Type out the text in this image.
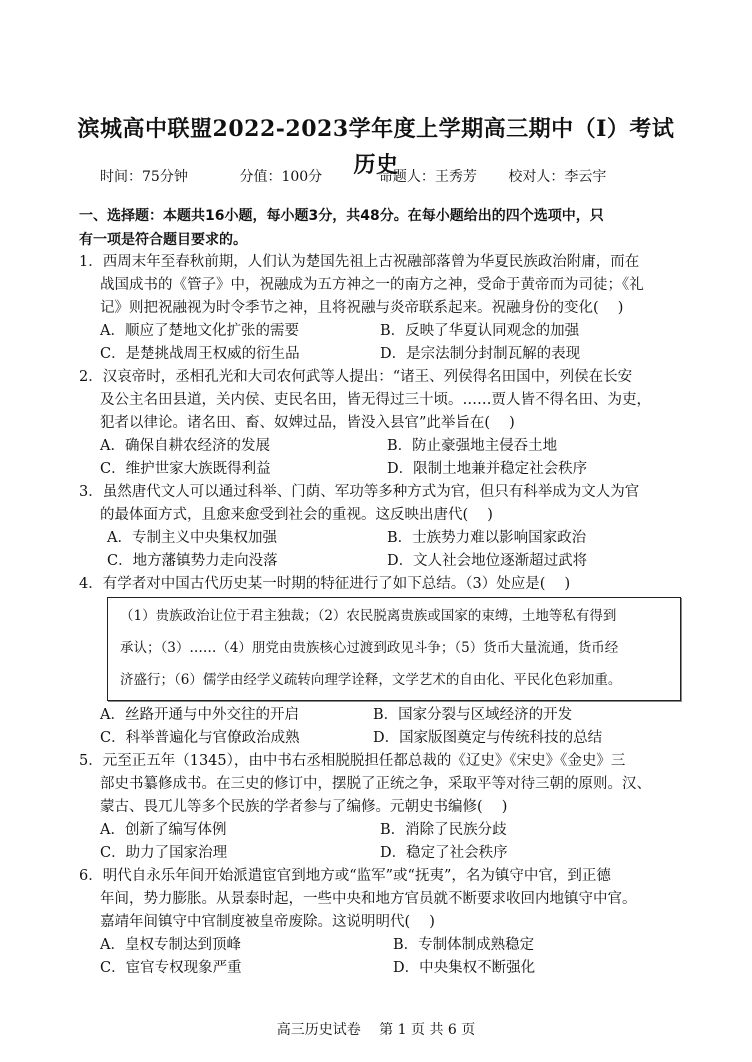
滨城高中联盟2022-2023学年度上学期高三期中（I）考试
历史
时间：75分钟	分值：100分	命题人：王秀芳 校对人：李云宇
一、选择题：本题共16小题，每小题3分，共48分。在每小题给出的四个选项中，只
有一项是符合题目要求的。
1．西周末年至春秋前期，人们认为楚国先祖上古祝融部落曾为华夏民族政治附庸，而在
战国成书的《管子》中，祝融成为五方神之一的南方之神，受命于黄帝而为司徒；《礼
记》则把祝融视为时令季节之神，且将祝融与炎帝联系起来。祝融身份的变化(　 )
A．顺应了楚地文化扩张的需要	B．反映了华夏认同观念的加强
C．是楚挑战周王权威的衍生品	D．是宗法制分封制瓦解的表现
2．汉哀帝时，丞相孔光和大司农何武等人提出：“诸王、列侯得名田国中，列侯在长安
及公主名田县道，关内侯、吏民名田，皆无得过三十顷。……贾人皆不得名田、为吏，
犯者以律论。诸名田、畜、奴婢过品，皆没入县官”此举旨在(　 )
A．确保自耕农经济的发展	B．防止豪强地主侵吞土地
C．维护世家大族既得利益	D．限制土地兼并稳定社会秩序
3．虽然唐代文人可以通过科举、门荫、军功等多种方式为官，但只有科举成为文人为官
的最体面方式，且愈来愈受到社会的重视。这反映出唐代(　 )
A．专制主义中央集权加强	B．士族势力难以影响国家政治
C．地方藩镇势力走向没落	D．文人社会地位逐渐超过武将
4．有学者对中国古代历史某一时期的特征进行了如下总结。（3）处应是(　 )
（1）贵族政治让位于君主独裁；（2）农民脱离贵族或国家的束缚，土地等私有得到
承认；（3）……（4）朋党由贵族核心过渡到政见斗争；（5）货币大量流通，货币经
济盛行；（6）儒学由经学义疏转向理学诠释，文学艺术的自由化、平民化色彩加重。
A．丝路开通与中外交往的开启	B．国家分裂与区域经济的开发
C．科举普遍化与官僚政治成熟	D．国家版图奠定与传统科技的总结
5．元至正五年（1345），由中书右丞相脱脱担任都总裁的《辽史》《宋史》《金史》三
部史书纂修成书。在三史的修订中，摆脱了正统之争，采取平等对待三朝的原则。汉、
蒙古、畏兀儿等多个民族的学者参与了编修。元朝史书编修(　 )
A．创新了编写体例	B．消除了民族分歧
C．助力了国家治理	D．稳定了社会秩序
6．明代自永乐年间开始派遣宦官到地方或“监军”或“抚夷”，名为镇守中官，到正德
年间，势力膨胀。从景泰时起，一些中央和地方官员就不断要求收回内地镇守中官。
嘉靖年间镇守中官制度被皇帝废除。这说明明代(　 )
A．皇权专制达到顶峰	B．专制体制成熟稳定
C．宦官专权现象严重	D．中央集权不断强化
高三历史试卷　 第 1 页 共 6 页
